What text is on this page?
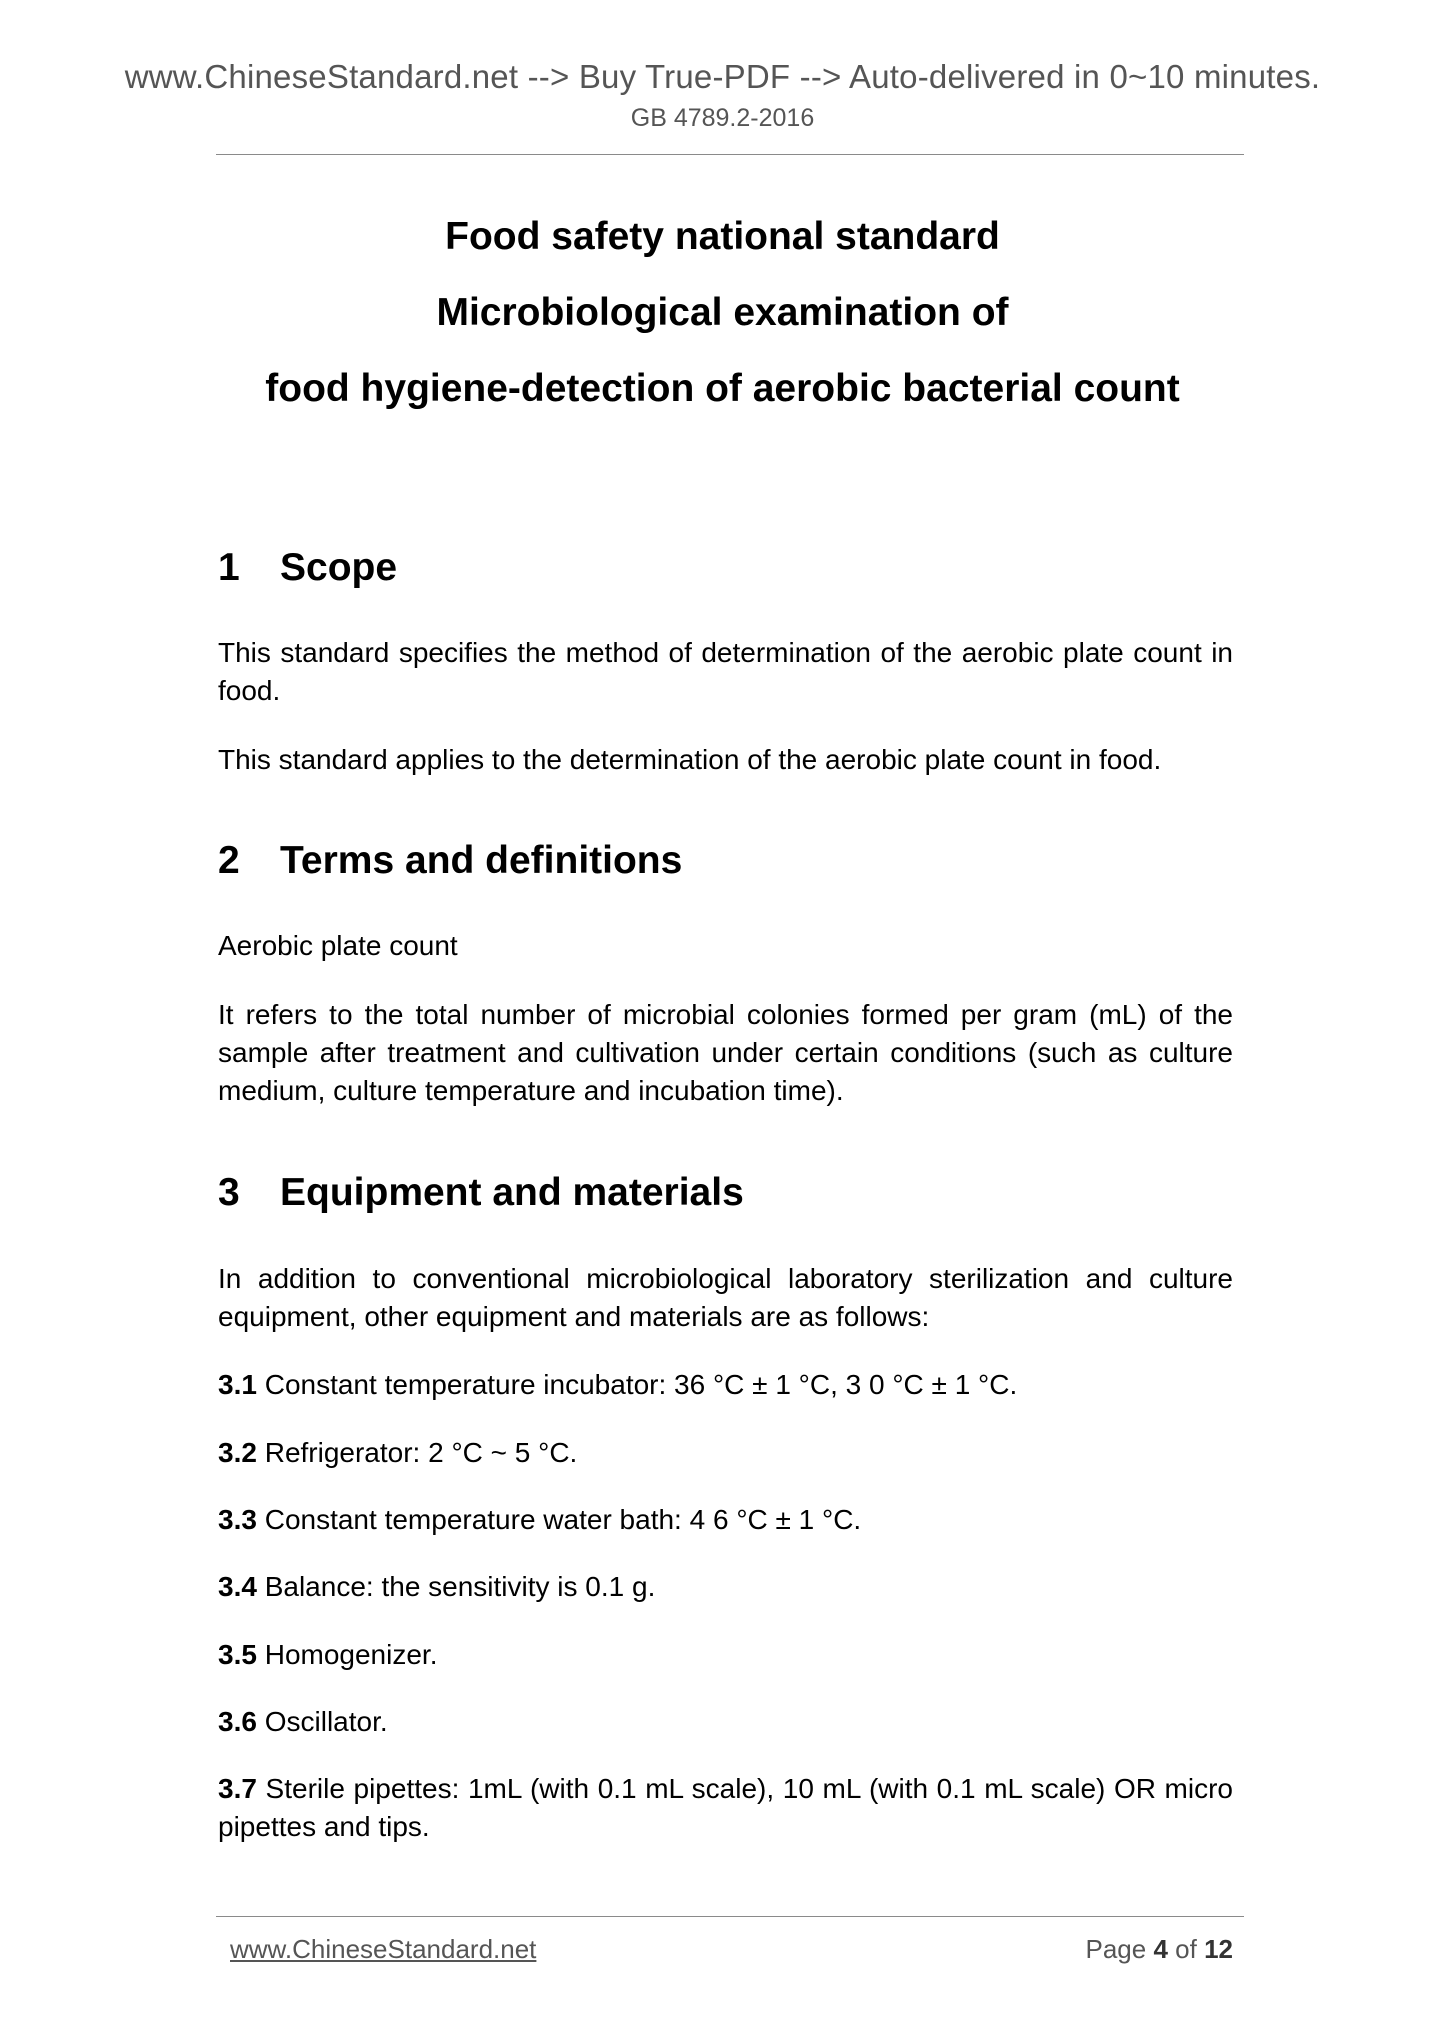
www.ChineseStandard.net --> Buy True-PDF --> Auto-delivered in 0~10 minutes.
GB 4789.2-2016
Food safety national standard
Microbiological examination of
food hygiene-detection of aerobic bacterial count
1 Scope
This standard specifies the method of determination of the aerobic plate count in food.
This standard applies to the determination of the aerobic plate count in food.
2 Terms and definitions
Aerobic plate count
It refers to the total number of microbial colonies formed per gram (mL) of the sample after treatment and cultivation under certain conditions (such as culture medium, culture temperature and incubation time).
3 Equipment and materials
In addition to conventional microbiological laboratory sterilization and culture equipment, other equipment and materials are as follows:
3.1 Constant temperature incubator: 36 °C ± 1 °C, 3 0 °C ± 1 °C.
3.2 Refrigerator: 2 °C ~ 5 °C.
3.3 Constant temperature water bath: 4 6 °C ± 1 °C.
3.4 Balance: the sensitivity is 0.1 g.
3.5 Homogenizer.
3.6 Oscillator.
3.7 Sterile pipettes: 1mL (with 0.1 mL scale), 10 mL (with 0.1 mL scale) OR micro pipettes and tips.
www.ChineseStandard.net	Page 4 of 12
